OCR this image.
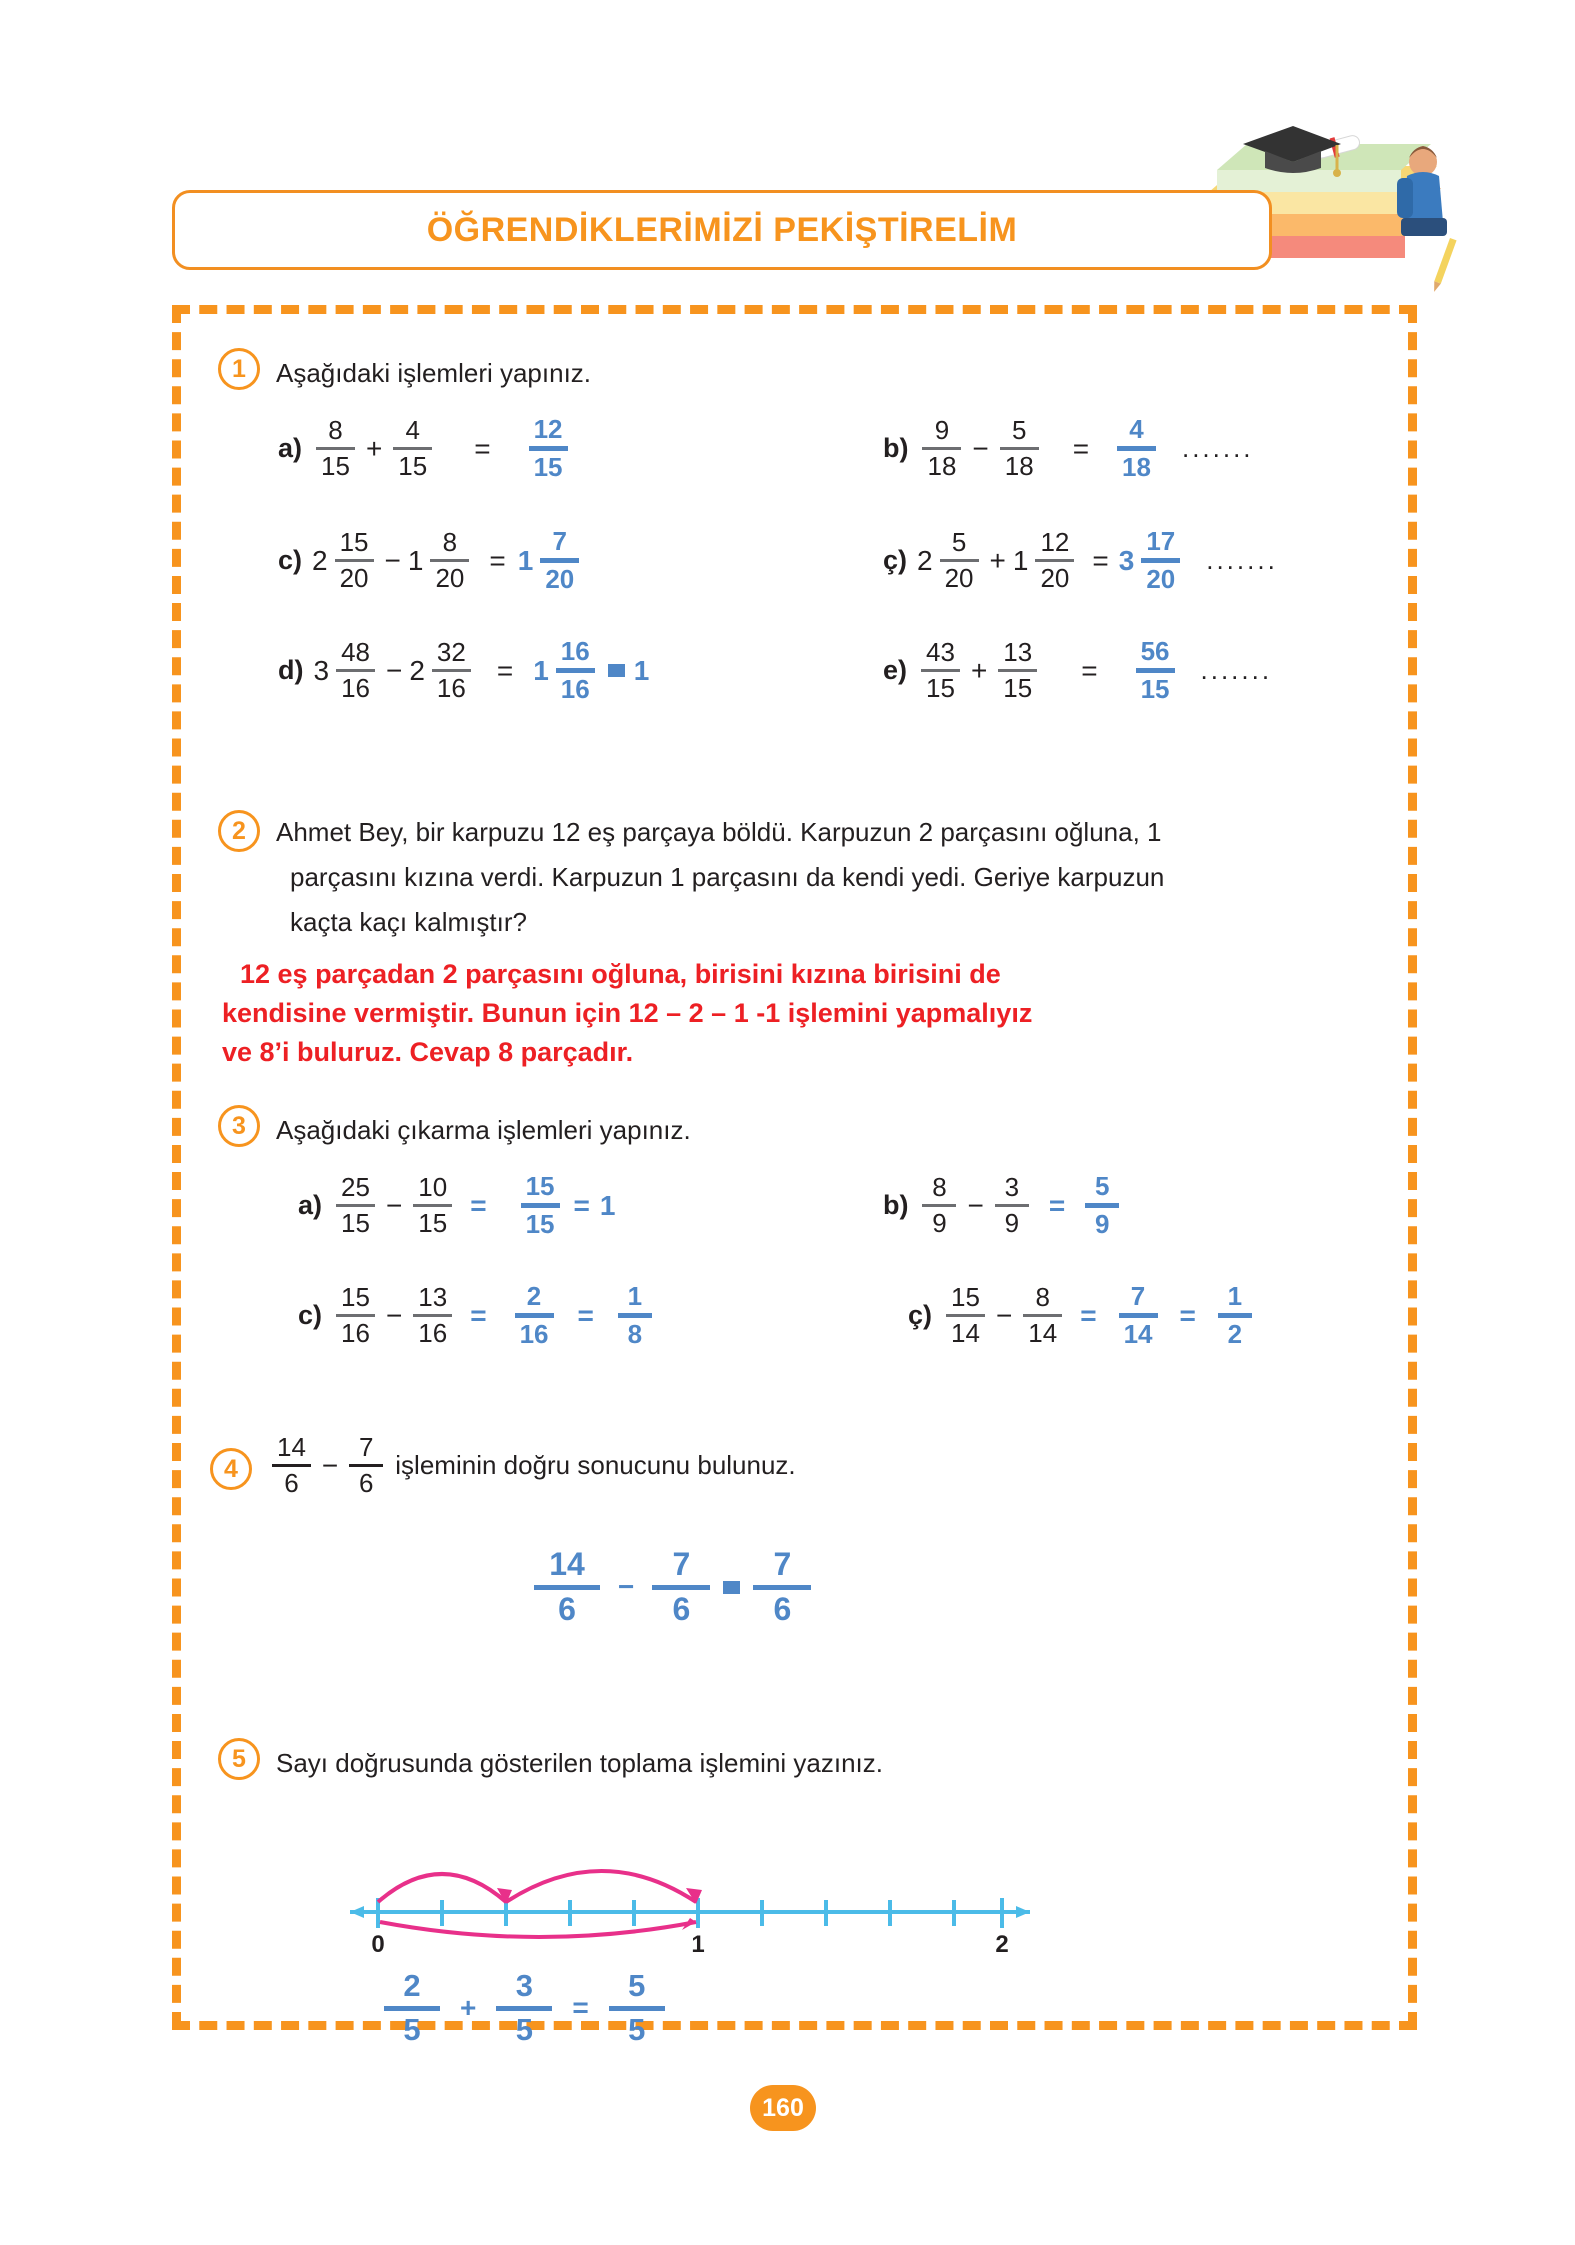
ÖĞRENDİKLERİMİZİ PEKİŞTİRELİM
1	Aşağıdaki işlemleri yapınız.
$a) \frac{8}{15} + \frac{4}{15}$ =
12
15
$b) \frac{9}{18} - \frac{5}{18}$ =
4
18
.......
c) $2 \frac{15}{20} - 1 \frac{8}{20} = 1$
7
20
ç) $2 \frac{5}{20} + 1 \frac{12}{20} = 3$
17
20
.......
d) $3 \frac{48}{16} - 2 \frac{32}{16} = 1$
16
16
1	$e) \frac{43}{15} + \frac{13}{15}$ =
56
15
.......
2	Ahmet Bey, bir karpuzu 12 eş parçaya böldü. Karpuzun 2 parçasını oğluna, 1
parçasını kızına verdi. Karpuzun 1 parçasını da kendi yedi. Geriye karpuzun
kaçta kaçı kalmıştır?
12 eş parçadan 2 parçasını oğluna, birisini kızına birisini de
kendisine vermiştir. Bunun için 12 – 2 – 1 -1 işlemini yapmalıyız
ve 8’i buluruz. Cevap 8 parçadır.
3	Aşağıdaki çıkarma işlemleri yapınız.
$a) \frac{25}{15} - \frac{10}{15}$ =
15
15
= 1	$b) \frac{8}{9} - \frac{3}{9}$ =
5
9
$c) \frac{15}{16} - \frac{13}{16}$ =
2
16
=
1
8
ç) $\frac{15}{14} - \frac{8}{14}$ =
7
14
=
1
2
4	$\frac{14}{6} - \frac{7}{6}$ işleminin doğru sonucunu bulunuz.
14
6
−
7
6
7
6
5	Sayı doğrusunda gösterilen toplama işlemini yazınız.
0	1	2
2
5
+
3
5
=
5
5
160
